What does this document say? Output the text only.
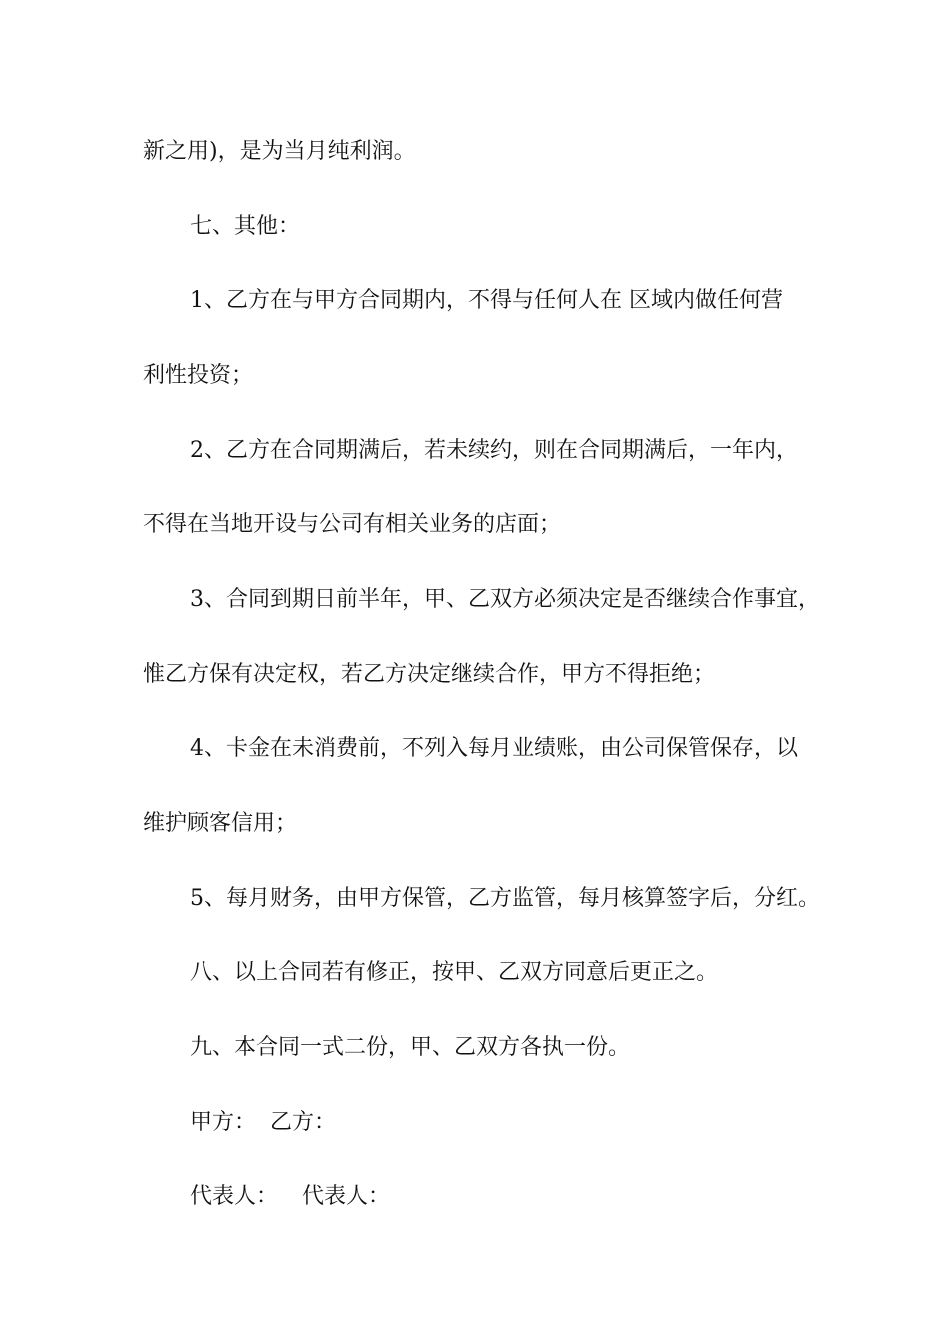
新之用)，是为当月纯利润。
七、其他：
1、乙方在与甲方合同期内，不得与任何人在 区域内做任何营
利性投资；
2、乙方在合同期满后，若未续约，则在合同期满后，一年内，
不得在当地开设与公司有相关业务的店面；
3、合同到期日前半年，甲、乙双方必须决定是否继续合作事宜，
惟乙方保有决定权，若乙方决定继续合作，甲方不得拒绝；
4、卡金在未消费前，不列入每月业绩账，由公司保管保存，以
维护顾客信用；
5、每月财务，由甲方保管，乙方监管，每月核算签字后，分红。
八、以上合同若有修正，按甲、乙双方同意后更正之。
九、本合同一式二份，甲、乙双方各执一份。
甲方： 乙方：
代表人： 代表人：
